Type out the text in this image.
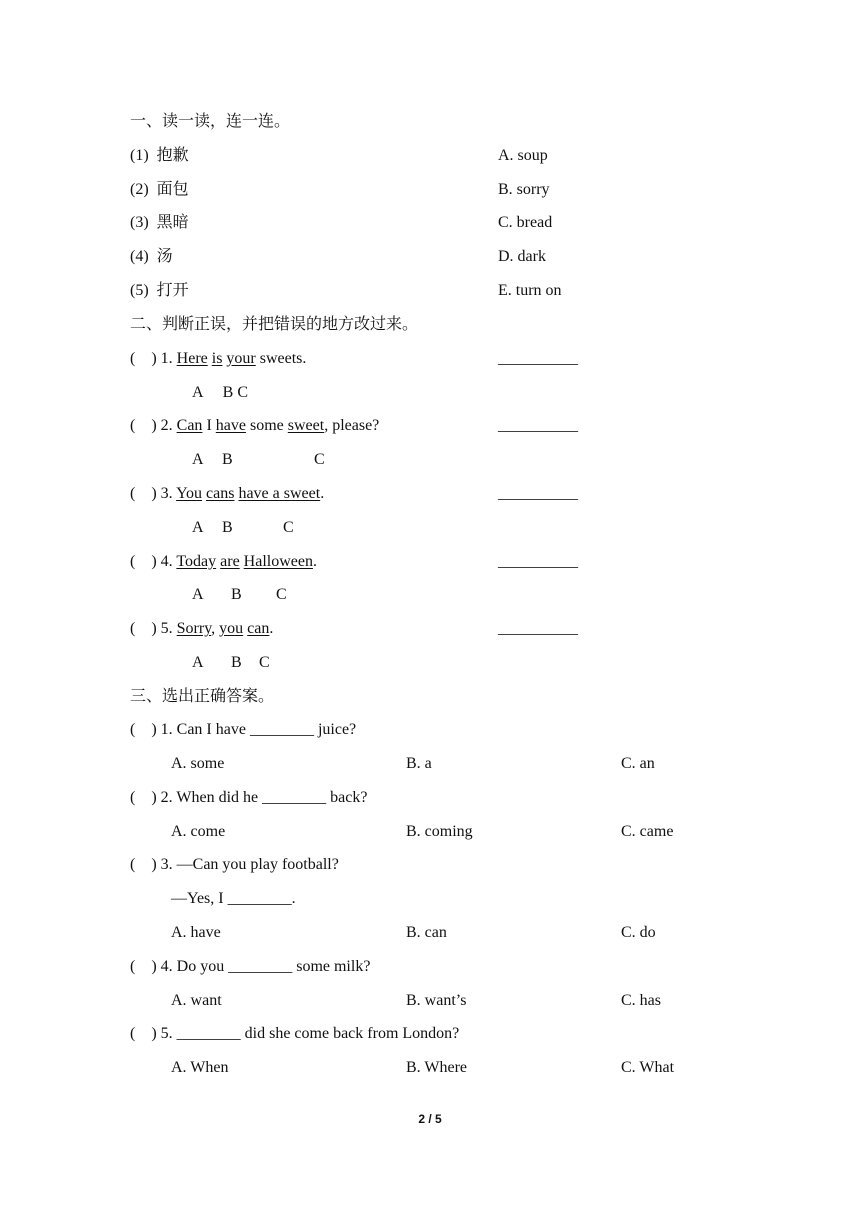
一、读一读，连一连。
(1)  抱歉	A. soup
(2)  面包	B. sorry
(3)  黑暗	C. bread
(4)  汤	D. dark
(5)  打开	E. turn on
二、判断正误，并把错误的地方改过来。
(    ) 1. Here is your sweets.	__________
A     B C
(    ) 2. Can I have some sweet, please?	__________
A B	C
(    ) 3. You cans have a sweet.	__________
A B	C
(    ) 4. Today are Halloween.	__________
A B C
(    ) 5. Sorry, you can.	__________
A B C
三、选出正确答案。
(    ) 1. Can I have ________ juice?
A. some	B. a	C. an
(    ) 2. When did he ________ back?
A. come	B. coming	C. came
(    ) 3. —Can you play football?
—Yes, I ________.
A. have	B. can	C. do
(    ) 4. Do you ________ some milk?
A. want	B. want’s	C. has
(    ) 5. ________ did she come back from London?
A. When	B. Where	C. What
2 / 5
